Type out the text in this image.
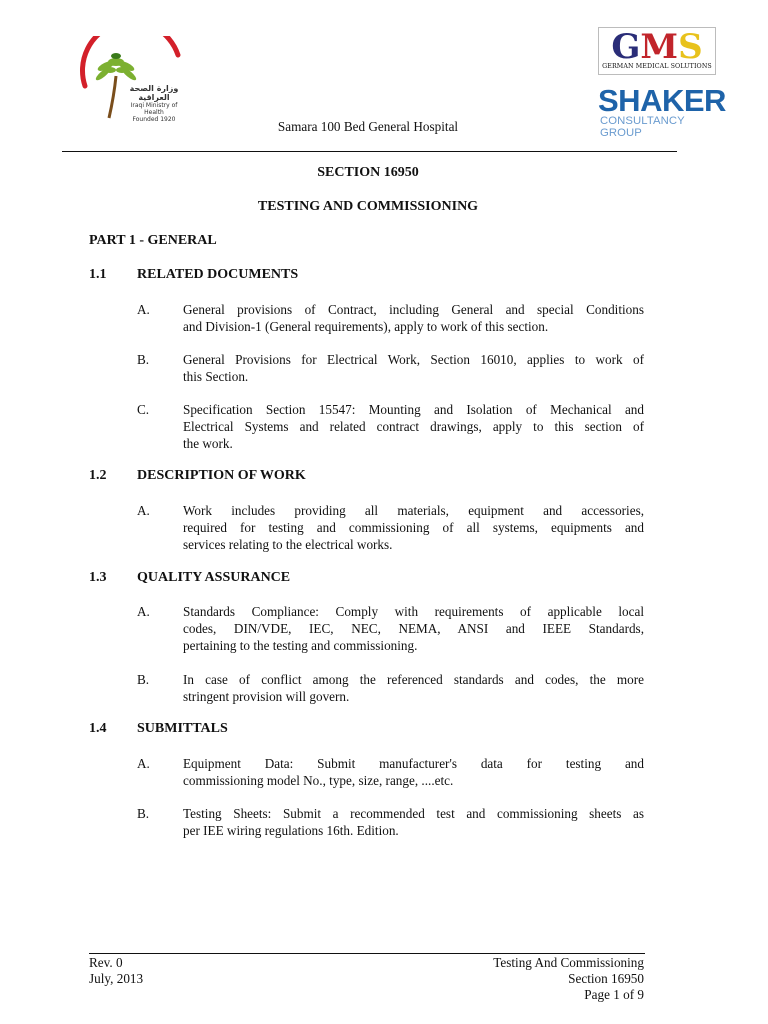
وزارة الصحة العراقية
Iraqi Ministry of Health
Founded 1920
GMS
GERMAN MEDICAL SOLUTIONS
SHAKER
CONSULTANCY GROUP
Samara 100 Bed General Hospital
SECTION 16950
TESTING AND COMMISSIONING
PART 1 - GENERAL
1.1 RELATED DOCUMENTS
A.	General provisions of Contract, including General and special Conditions
and Division-1 (General requirements), apply to work of this section.
B.	General Provisions for Electrical Work, Section 16010, applies to work of
this Section.
C.	Specification Section 15547: Mounting and Isolation of Mechanical and
Electrical Systems and related contract drawings, apply to this section of
the work.
1.2 DESCRIPTION OF WORK
A.	Work includes providing all materials, equipment and accessories,
required for testing and commissioning of all systems, equipments and
services relating to the electrical works.
1.3 QUALITY ASSURANCE
A.	Standards Compliance: Comply with requirements of applicable local
codes, DIN/VDE, IEC, NEC, NEMA, ANSI and IEEE Standards,
pertaining to the testing and commissioning.
B.	In case of conflict among the referenced standards and codes, the more
stringent provision will govern.
1.4 SUBMITTALS
A.	Equipment Data: Submit manufacturer's data for testing and
commissioning model No., type, size, range, ....etc.
B.	Testing Sheets: Submit a recommended test and commissioning sheets as
per IEE wiring regulations 16th. Edition.
Rev. 0
July, 2013
Testing And Commissioning
Section 16950
Page 1 of 9
